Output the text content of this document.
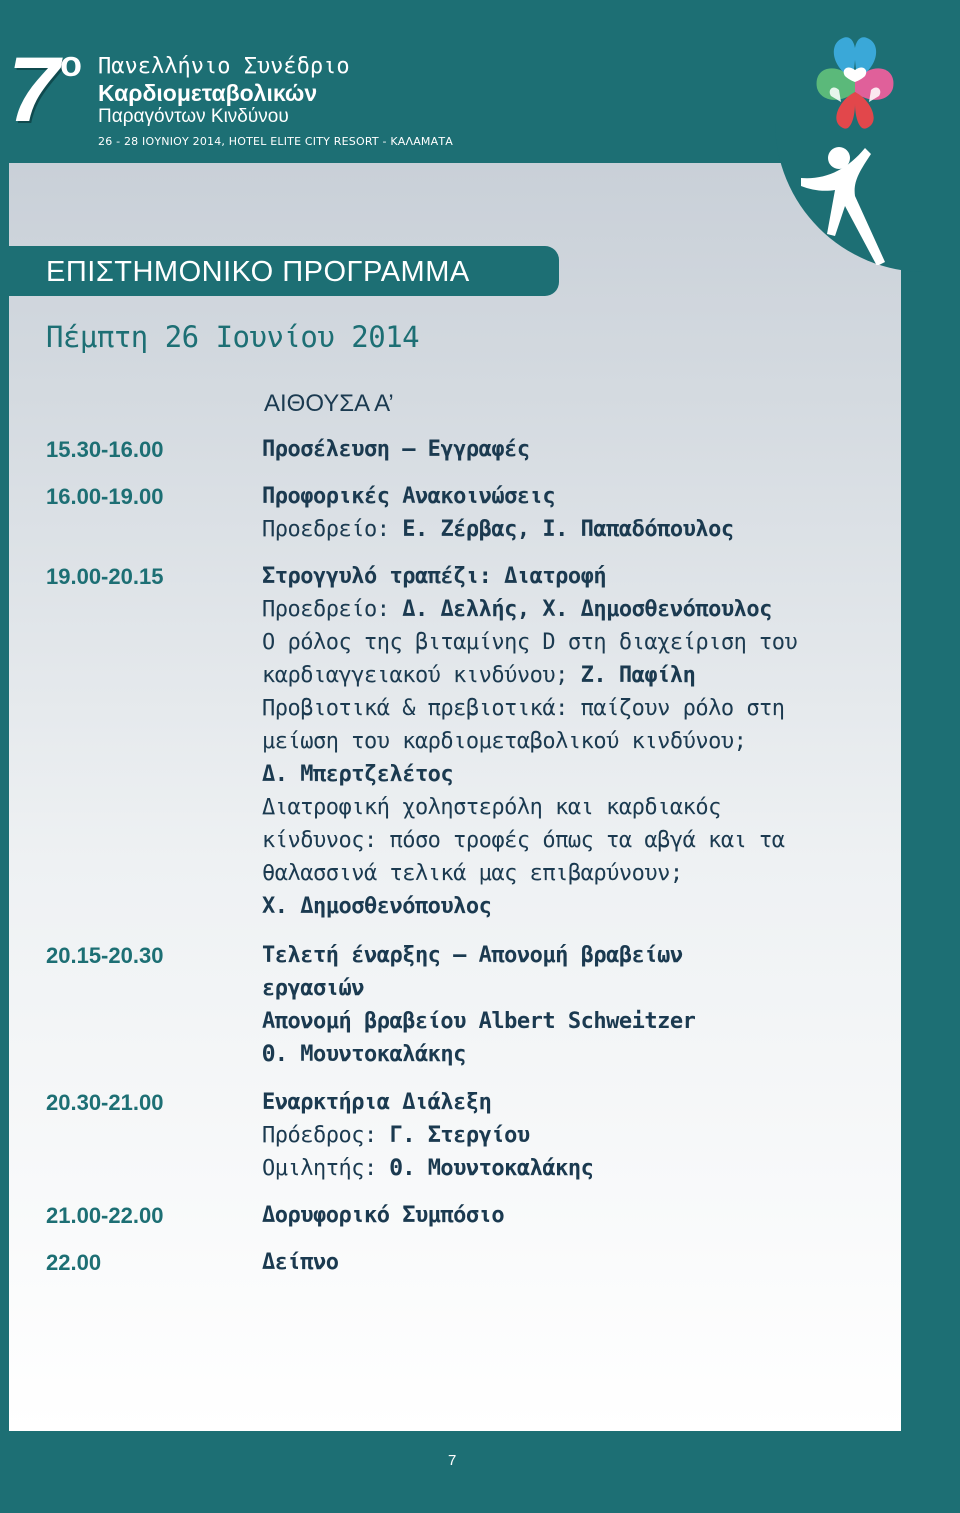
7 ο Πανελλήνιο Συνέδριο
Καρδιομεταβολικών
Παραγόντων Κινδύνου
26 - 28 ΙΟΥΝΙΟΥ 2014, HOTEL ELITE CITY RESORT - ΚΑΛΑΜΑΤΑ
ΕΠΙΣΤΗΜΟΝΙΚΟ ΠΡΟΓΡΑΜΜΑ
Πέμπτη 26 Ιουνίου 2014
ΑΙΘΟΥΣΑ Α’
15.30-16.00	Προσέλευση – Εγγραφές
16.00-19.00	Προφορικές Ανακοινώσεις
Προεδρείο: Ε. Ζέρβας, Ι. Παπαδόπουλος
19.00-20.15	Στρογγυλό τραπέζι: Διατροφή
Προεδρείο: Δ. Δελλής, Χ. Δημοσθενόπουλος
Ο ρόλος της βιταμίνης D στη διαχείριση του
καρδιαγγειακού κινδύνου; Ζ. Παφίλη
Προβιοτικά & πρεβιοτικά: παίζουν ρόλο στη
μείωση του καρδιομεταβολικού κινδύνου;
Δ. Μπερτζελέτος
Διατροφική χοληστερόλη και καρδιακός
κίνδυνος: πόσο τροφές όπως τα αβγά και τα
θαλασσινά τελικά μας επιβαρύνουν;
Χ. Δημοσθενόπουλος
20.15-20.30	Τελετή έναρξης – Απονομή βραβείων
εργασιών
Απονομή βραβείου Albert Schweitzer
Θ. Μουντοκαλάκης
20.30-21.00	Εναρκτήρια Διάλεξη
Πρόεδρος: Γ. Στεργίου
Ομιλητής: Θ. Μουντοκαλάκης
21.00-22.00	Δορυφορικό Συμπόσιο
22.00	Δείπνο
7
